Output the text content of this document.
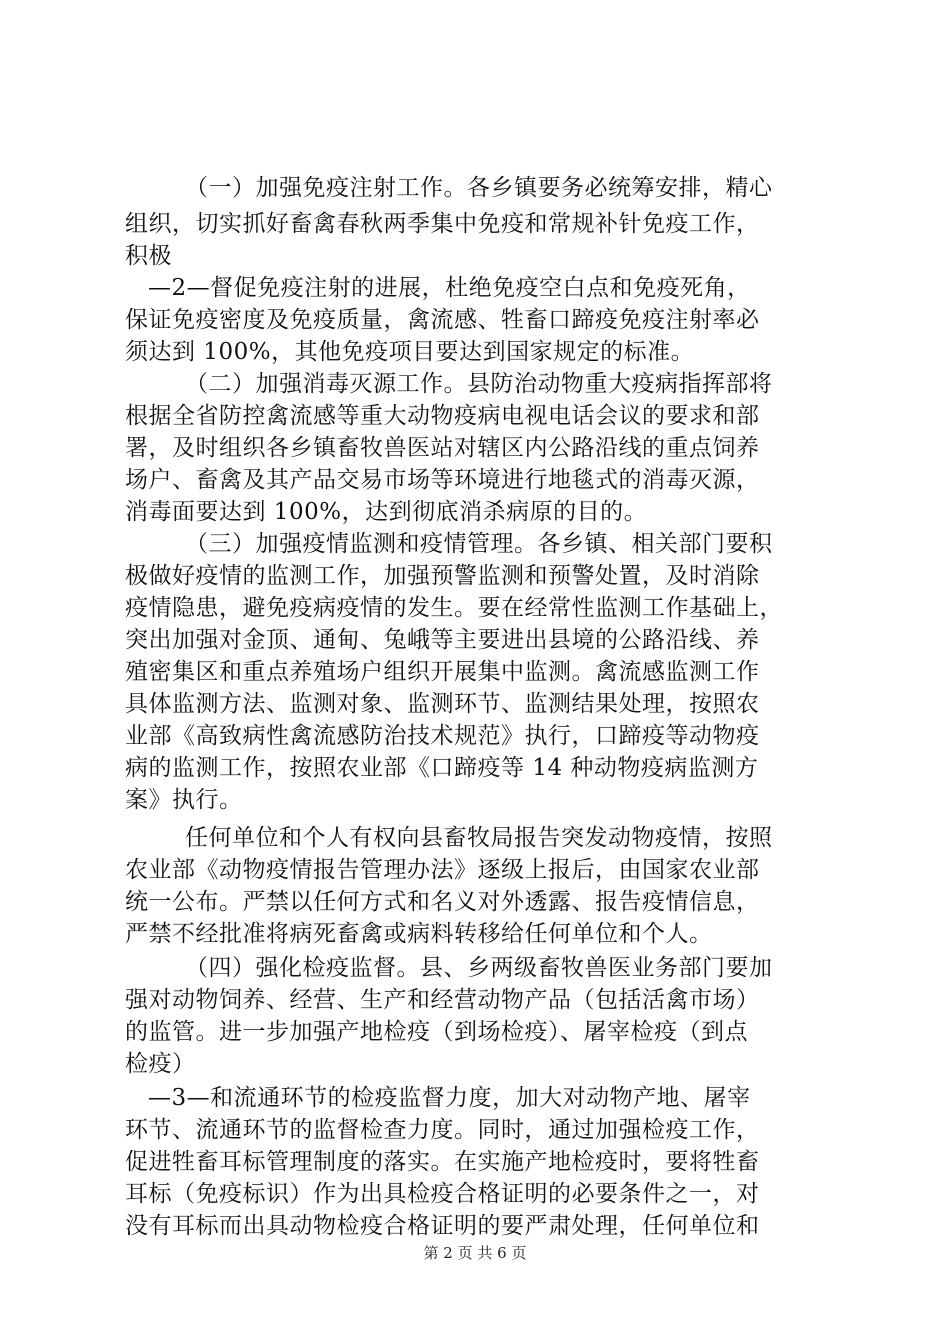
（一）加强免疫注射工作。各乡镇要务必统筹安排，精心
组织，切实抓好畜禽春秋两季集中免疫和常规补针免疫工作，
积极
—2—督促免疫注射的进展，杜绝免疫空白点和免疫死角，
保证免疫密度及免疫质量，禽流感、牲畜口蹄疫免疫注射率必
须达到 100%，其他免疫项目要达到国家规定的标准。
（二）加强消毒灭源工作。县防治动物重大疫病指挥部将
根据全省防控禽流感等重大动物疫病电视电话会议的要求和部
署，及时组织各乡镇畜牧兽医站对辖区内公路沿线的重点饲养
场户、畜禽及其产品交易市场等环境进行地毯式的消毒灭源，
消毒面要达到 100%，达到彻底消杀病原的目的。
（三）加强疫情监测和疫情管理。各乡镇、相关部门要积
极做好疫情的监测工作，加强预警监测和预警处置，及时消除
疫情隐患，避免疫病疫情的发生。要在经常性监测工作基础上，
突出加强对金顶、通甸、兔峨等主要进出县境的公路沿线、养
殖密集区和重点养殖场户组织开展集中监测。禽流感监测工作
具体监测方法、监测对象、监测环节、监测结果处理，按照农
业部《高致病性禽流感防治技术规范》执行，口蹄疫等动物疫
病的监测工作，按照农业部《口蹄疫等 14 种动物疫病监测方
案》执行。
任何单位和个人有权向县畜牧局报告突发动物疫情，按照
农业部《动物疫情报告管理办法》逐级上报后，由国家农业部
统一公布。严禁以任何方式和名义对外透露、报告疫情信息，
严禁不经批准将病死畜禽或病料转移给任何单位和个人。
（四）强化检疫监督。县、乡两级畜牧兽医业务部门要加
强对动物饲养、经营、生产和经营动物产品（包括活禽市场）
的监管。进一步加强产地检疫（到场检疫）、屠宰检疫（到点
检疫）
—3—和流通环节的检疫监督力度，加大对动物产地、屠宰
环节、流通环节的监督检查力度。同时，通过加强检疫工作，
促进牲畜耳标管理制度的落实。在实施产地检疫时，要将牲畜
耳标（免疫标识）作为出具检疫合格证明的必要条件之一，对
没有耳标而出具动物检疫合格证明的要严肃处理，任何单位和
第 2 页 共 6 页
